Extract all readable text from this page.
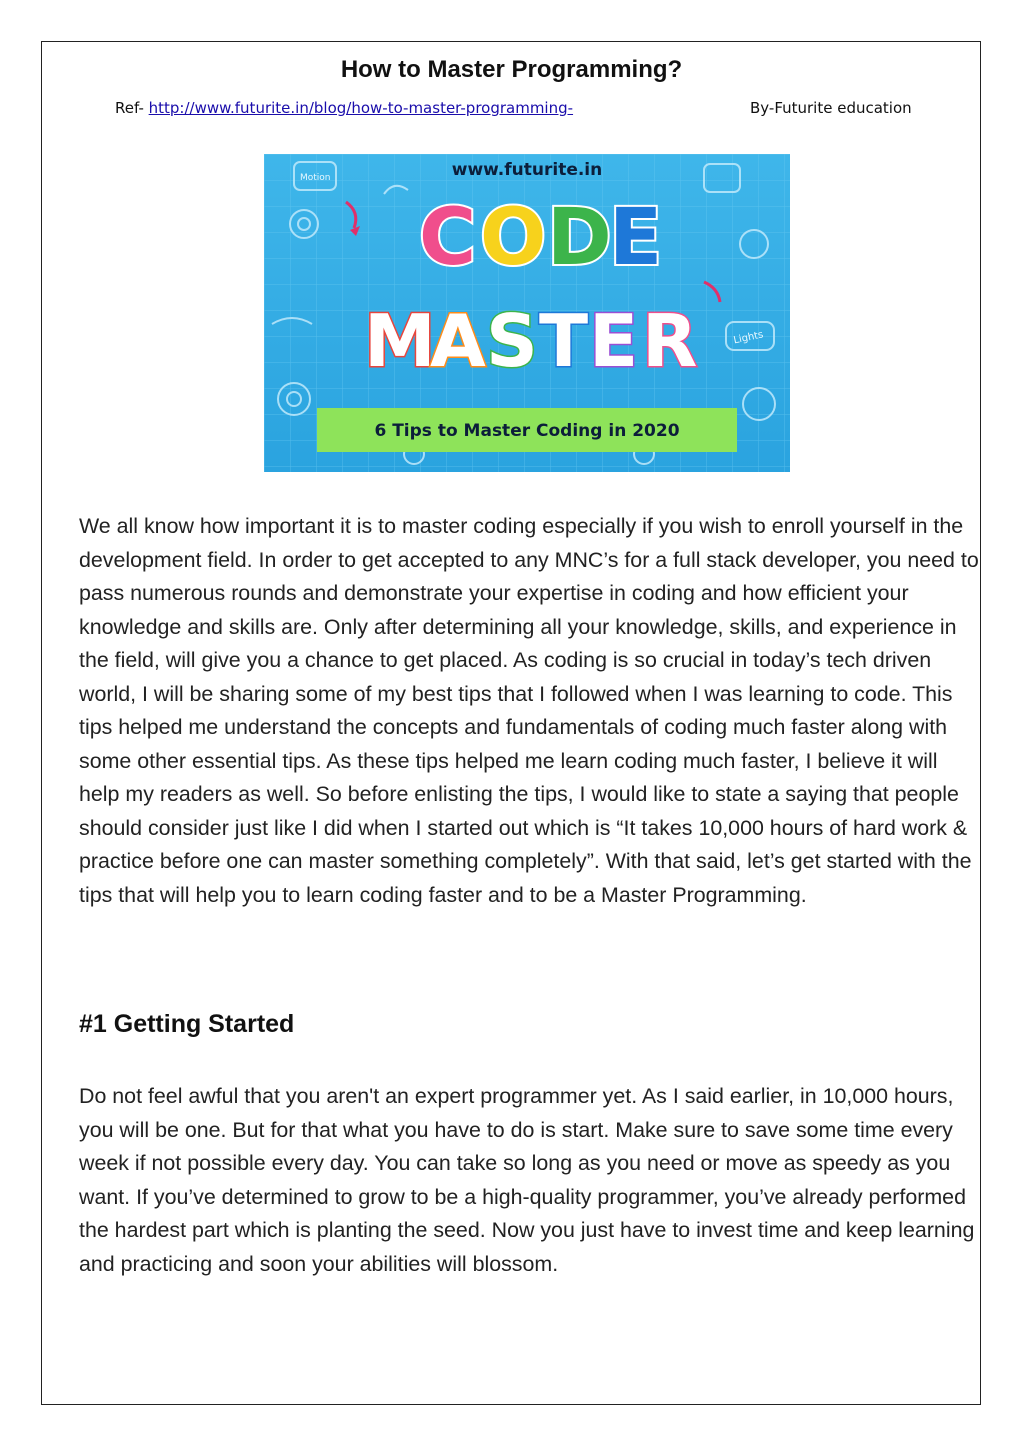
How to Master Programming?
Ref- http://www.futurite.in/blog/how-to-master-programming-	By-Futurite education
Motion
Lights
www.futurite.in
C O D
E
M
A S T E R
6 Tips to Master Coding in 2020

We all know how important it is to master coding especially if you wish to enroll yourself in the development field. In order to get accepted to any MNC’s for a full stack developer, you need to pass numerous rounds and demonstrate your expertise in coding and how efficient your knowledge and skills are. Only after determining all your knowledge, skills, and experience in the field, will give you a chance to get placed. As coding is so crucial in today’s tech driven world, I will be sharing some of my best tips that I followed when I was learning to code. This tips helped me understand the concepts and fundamentals of coding much faster along with some other essential tips. As these tips helped me learn coding much faster, I believe it will help my readers as well. So before enlisting the tips, I would like to state a saying that people should consider just like I did when I started out which is “It takes 10,000 hours of hard work & practice before one can master something completely”. With that said, let’s get started with the tips that will help you to learn coding faster and to be a Master Programming.

#1 Getting Started

Do not feel awful that you aren't an expert programmer yet. As I said earlier, in 10,000 hours, you will be one. But for that what you have to do is start. Make sure to save some time every week if not possible every day. You can take so long as you need or move as speedy as you want. If you’ve determined to grow to be a high-quality programmer, you’ve already performed the hardest part which is planting the seed. Now you just have to invest time and keep learning and practicing and soon your abilities will blossom.
